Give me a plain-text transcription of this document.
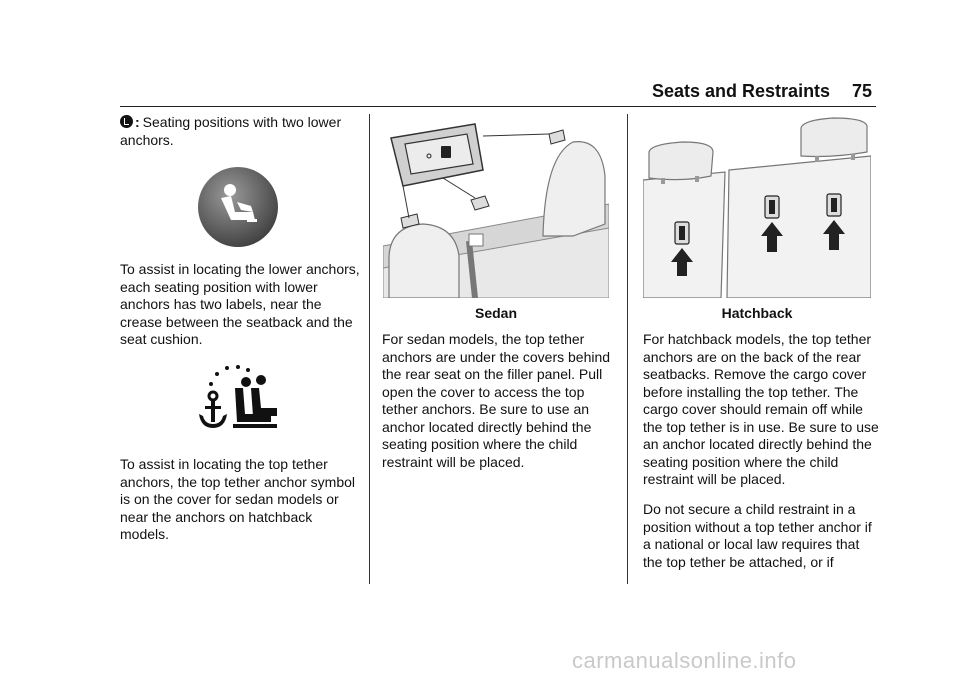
Seats and Restraints 75

: Seating positions with two lower anchors.

To assist in locating the lower anchors, each seating position with lower anchors has two labels, near the crease between the seatback and the seat cushion.

To assist in locating the top tether anchors, the top tether anchor symbol is on the cover for sedan models or near the anchors on hatchback models.

Sedan

For sedan models, the top tether anchors are under the covers behind the rear seat on the filler panel. Pull open the cover to access the top tether anchors. Be sure to use an anchor located directly behind the seating position where the child restraint will be placed.

Hatchback

For hatchback models, the top tether anchors are on the back of the rear seatbacks. Remove the cargo cover before installing the top tether. The cargo cover should remain off while the top tether is in use. Be sure to use an anchor located directly behind the seating position where the child restraint will be placed.

Do not secure a child restraint in a position without a top tether anchor if a national or local law requires that the top tether be attached, or if

carmanualsonline.info
